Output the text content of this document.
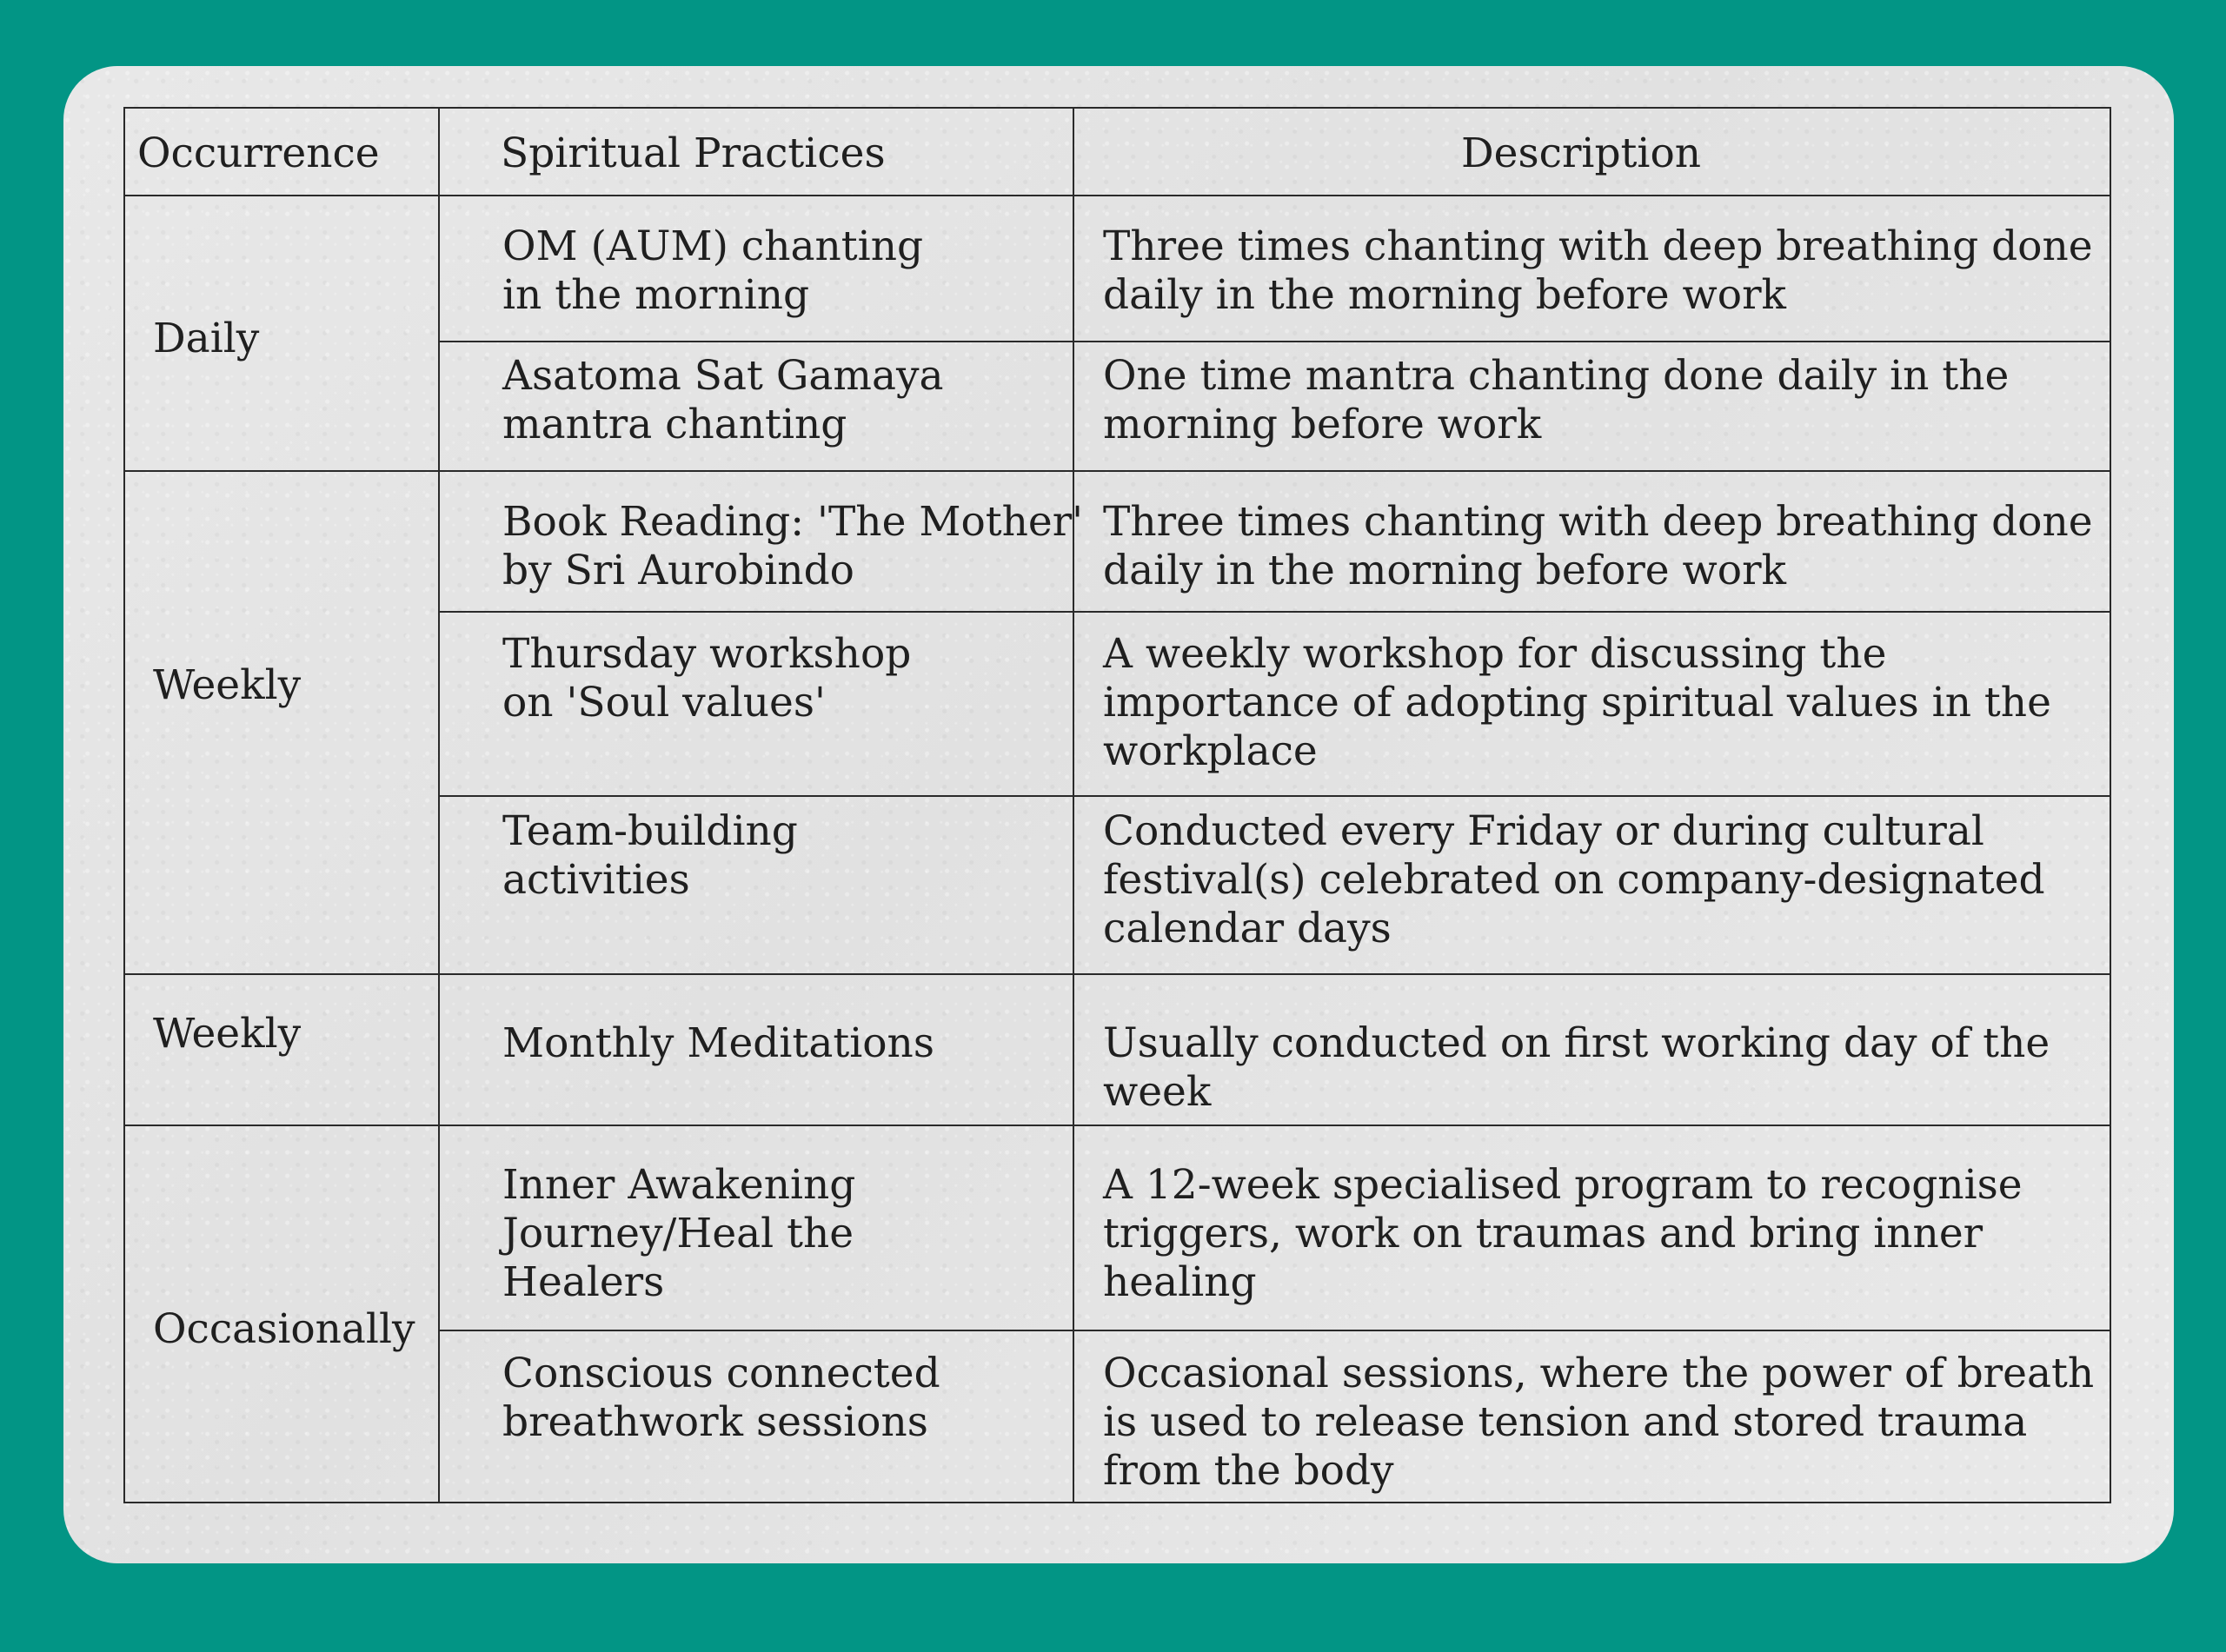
Occurrence	Spiritual Practices	Description
Daily
Weekly
Weekly
Occasionally
OM (AUM) chanting
in the morning
Asatoma Sat Gamaya
mantra chanting
Book Reading: 'The Mother'
by Sri Aurobindo
Thursday workshop
on 'Soul values'
Team-building
activities
Monthly Meditations
Inner Awakening
Journey/Heal the
Healers
Conscious connected
breathwork sessions
Three times chanting with deep breathing done
daily in the morning before work
One time mantra chanting done daily in the
morning before work
Three times chanting with deep breathing done
daily in the morning before work
A weekly workshop for discussing the
importance of adopting spiritual values in the
workplace
Conducted every Friday or during cultural
festival(s) celebrated on company-designated
calendar days
Usually conducted on first working day of the
week
A 12-week specialised program to recognise
triggers, work on traumas and bring inner
healing
Occasional sessions, where the power of breath
is used to release tension and stored trauma
from the body
